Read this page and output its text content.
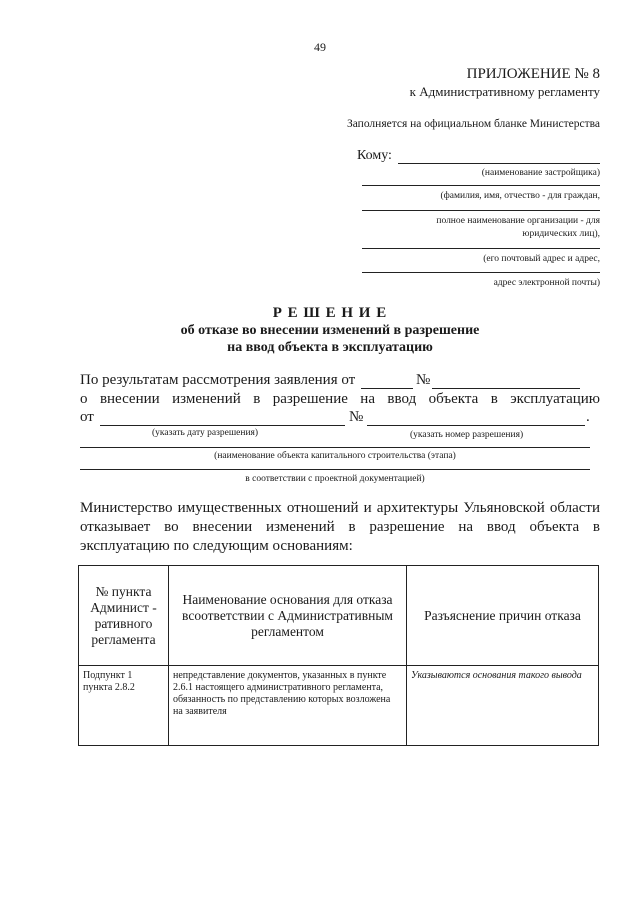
49
ПРИЛОЖЕНИЕ № 8
к Административному регламенту
Заполняется на официальном бланке Министерства
Кому:
(наименование застройщика)
(фамилия, имя, отчество - для граждан,
полное наименование организации - для
юридических лиц),
(его почтовый адрес и адрес,
адрес электронной почты)
Р Е Ш Е Н И Е
об отказе во внесении изменений в разрешение
на ввод объекта в эксплуатацию
По результатам рассмотрения заявления от	№
о внесении изменений в разрешение на ввод объекта в эксплуатацию
от	№	.
(указать дату разрешения)	(указать номер разрешения)
(наименование объекта капитального строительства (этапа)
в соответствии с проектной документацией)
Министерство имущественных отношений и архитектуры Ульяновской области
отказывает во внесении изменений в разрешение на ввод объекта в
эксплуатацию по следующим основаниям:
№ пункта Админист - ративного регламента	Наименование основания для отказа всоответствии с Административным регламентом	Разъяснение причин отказа
Подпункт 1 пункта 2.8.2	непредставление документов, указанных в пункте 2.6.1 настоящего административного регламента, обязанность по представлению которых возложена на заявителя	Указываются основания такого вывода
